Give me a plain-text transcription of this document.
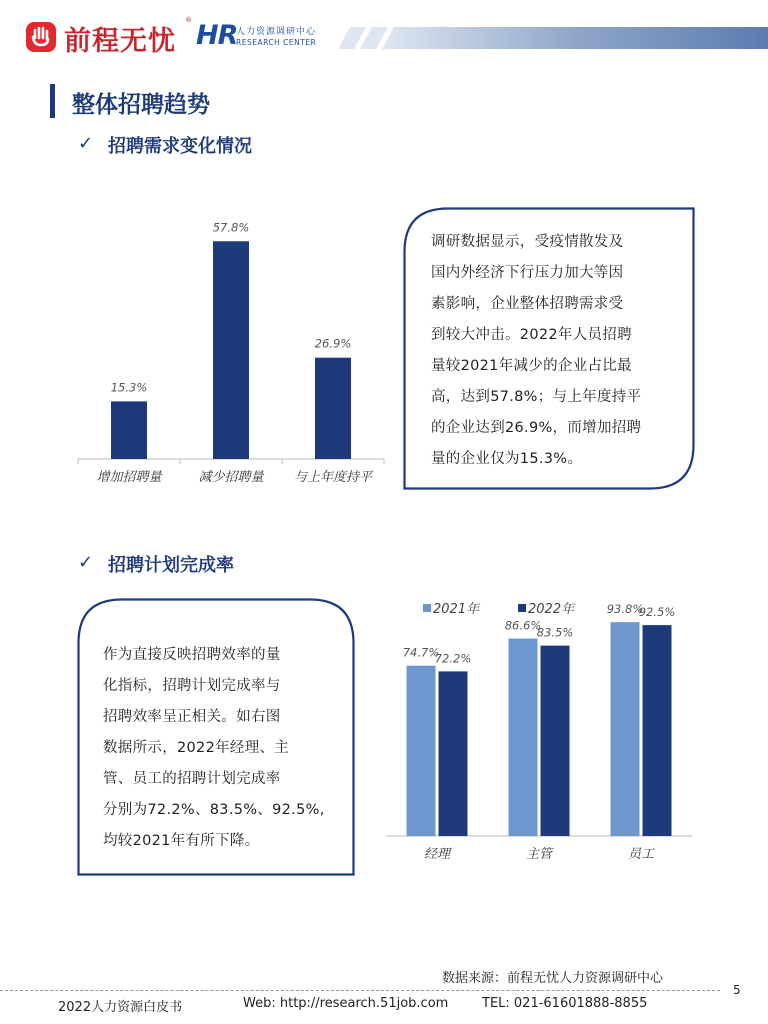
前程无忧
® HR
人力资源调研中心
RESEARCH CENTER
整体招聘趋势
✓ 招聘需求变化情况
15.3%
增加招聘量
57.8%
减少招聘量
26.9%
与上年度持平
调研数据显示，受疫情散发及
国内外经济下行压力加大等因
素影响，企业整体招聘需求受
到较大冲击。2022年人员招聘
量较2021年减少的企业占比最
高，达到57.8%；与上年度持平
的企业达到26.9%，而增加招聘
量的企业仅为15.3%。
✓ 招聘计划完成率
作为直接反映招聘效率的量
化指标，招聘计划完成率与
招聘效率呈正相关。如右图
数据所示，2022年经理、主
管、员工的招聘计划完成率
分别为72.2%、83.5%、92.5%,
均较2021年有所下降。
2021年	2022年
74.7%
72.2%
经理
86.6%
83.5%
主管
93.8%
92.5%
员工
数据来源：前程无忧人力资源调研中心
5
2022人力资源白皮书	Web: http://research.51job.com	TEL: 021-61601888-8855
